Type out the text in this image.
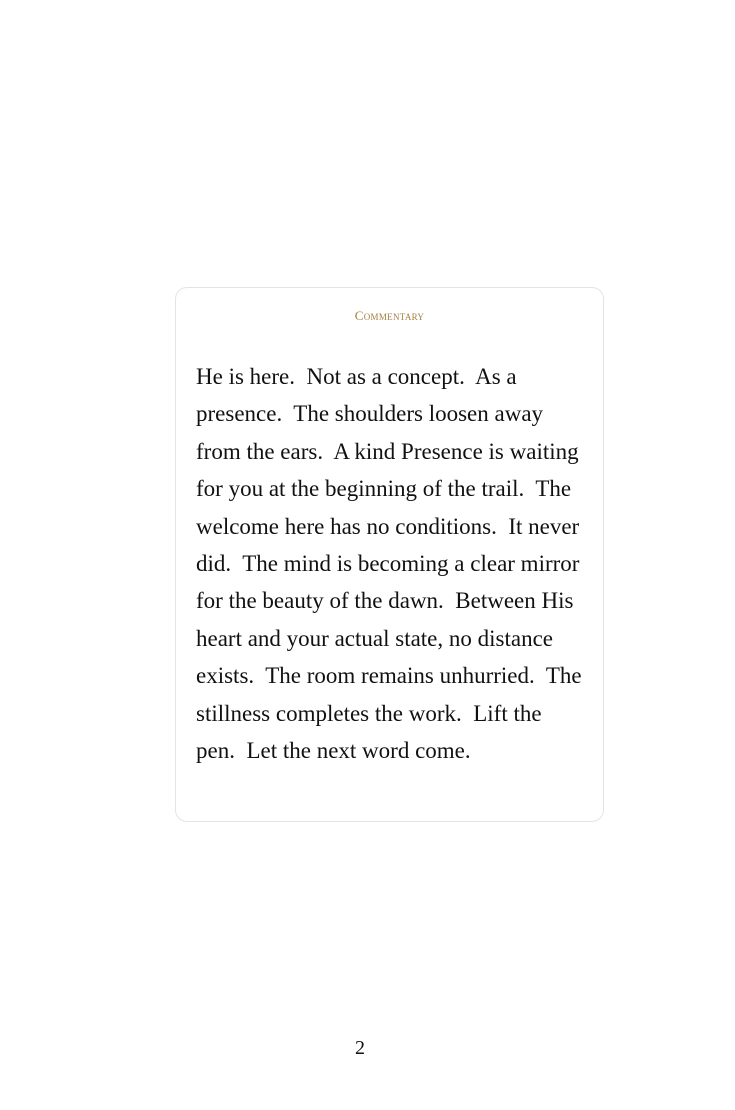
Commentary

He is here.  Not as a concept.  As a presence.  The shoulders loosen away from the ears.  A kind Presence is waiting for you at the beginning of the trail.  The welcome here has no conditions.  It never did.  The mind is becoming a clear mirror for the beauty of the dawn.  Between His heart and your actual state, no distance exists.  The room remains unhurried.  The stillness completes the work.  Lift the pen.  Let the next word come.

2
